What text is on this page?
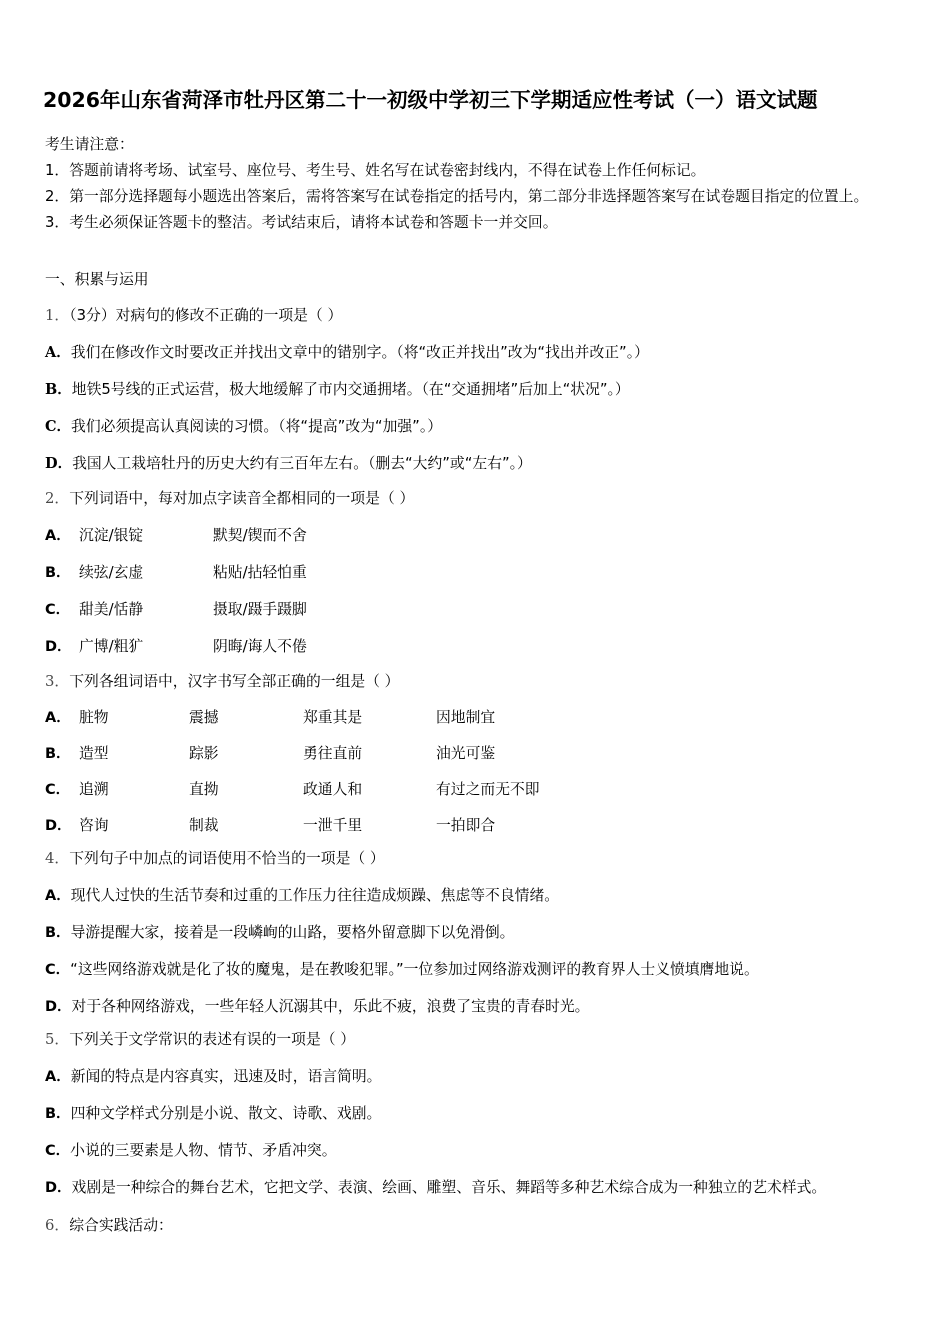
2026年山东省菏泽市牡丹区第二十一初级中学初三下学期适应性考试（一）语文试题
考生请注意：
1．答题前请将考场、试室号、座位号、考生号、姓名写在试卷密封线内，不得在试卷上作任何标记。
2．第一部分选择题每小题选出答案后，需将答案写在试卷指定的括号内，第二部分非选择题答案写在试卷题目指定的位置上。
3．考生必须保证答题卡的整洁。考试结束后，请将本试卷和答题卡一并交回。
一、积累与运用
1．（3分）对病句的修改不正确的一项是（ ）
A．我们在修改作文时要改正并找出文章中的错别字。（将“改正并找出”改为“找出并改正”。）
B．地铁5号线的正式运营，极大地缓解了市内交通拥堵。（在“交通拥堵”后加上“状况”。）
C．我们必须提高认真阅读的习惯。（将“提高”改为“加强”。）
D．我国人工栽培牡丹的历史大约有三百年左右。（删去“大约”或“左右”。）
2．下列词语中，每对加点字读音全都相同的一项是（ ）
A． 沉淀/银锭	默契/锲而不舍
B． 续弦/玄虚	粘贴/拈轻怕重
C． 甜美/恬静	摄取/蹑手蹑脚
D． 广博/粗犷	阴晦/诲人不倦
3．下列各组词语中，汉字书写全部正确的一组是（ ）
A． 脏物	震撼	郑重其是	因地制宜
B． 造型	踪影	勇往直前	油光可鉴
C． 追溯	直拗	政通人和	有过之而无不即
D． 咨询	制裁	一泄千里	一拍即合
4．下列句子中加点的词语使用不恰当的一项是（ ）
A．现代人过快的生活节奏和过重的工作压力往往造成烦躁、焦虑等不良情绪。
B．导游提醒大家，接着是一段嶙峋的山路，要格外留意脚下以免滑倒。
C．“这些网络游戏就是化了妆的魔鬼，是在教唆犯罪。”一位参加过网络游戏测评的教育界人士义愤填膺地说。
D．对于各种网络游戏，一些年轻人沉溺其中，乐此不疲，浪费了宝贵的青春时光。
5．下列关于文学常识的表述有误的一项是（ ）
A．新闻的特点是内容真实，迅速及时，语言简明。
B．四种文学样式分别是小说、散文、诗歌、戏剧。
C．小说的三要素是人物、情节、矛盾冲突。
D．戏剧是一种综合的舞台艺术，它把文学、表演、绘画、雕塑、音乐、舞蹈等多种艺术综合成为一种独立的艺术样式。
6．综合实践活动：
